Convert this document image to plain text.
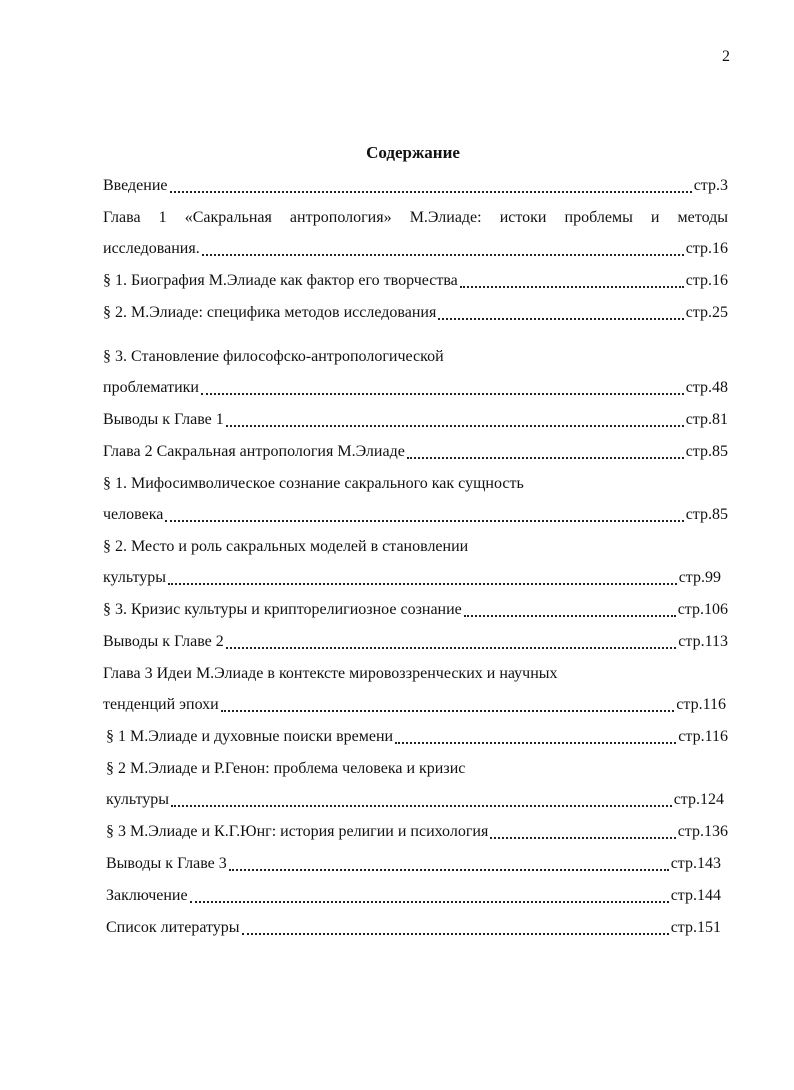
2
Содержание
Введение	стр.3
Глава 1 «Сакральная антропология» М.Элиаде: истоки проблемы и методы
исследования.	стр.16
§ 1. Биография М.Элиаде как фактор его творчества	стр.16
§ 2. М.Элиаде: специфика методов исследования	стр.25
§ 3. Становление философско-антропологической
проблематики	стр.48
Выводы к Главе 1	стр.81
Глава 2 Сакральная антропология М.Элиаде	стр.85
§ 1. Мифосимволическое сознание сакрального как сущность
человека	стр.85
§ 2. Место и роль сакральных моделей в становлении
культуры	стр.99
§ 3. Кризис культуры и крипторелигиозное сознание	стр.106
Выводы к Главе 2	стр.113
Глава 3 Идеи М.Элиаде в контексте мировоззренческих и научных
тенденций эпохи	стр.116
§ 1 М.Элиаде и духовные поиски времени	стр.116
§ 2 М.Элиаде и Р.Генон: проблема человека и кризис
культуры	стр.124
§ 3 М.Элиаде и К.Г.Юнг: история религии и психология	стр.136
Выводы к Главе 3	стр.143
Заключение	стр.144
Список литературы	стр.151
